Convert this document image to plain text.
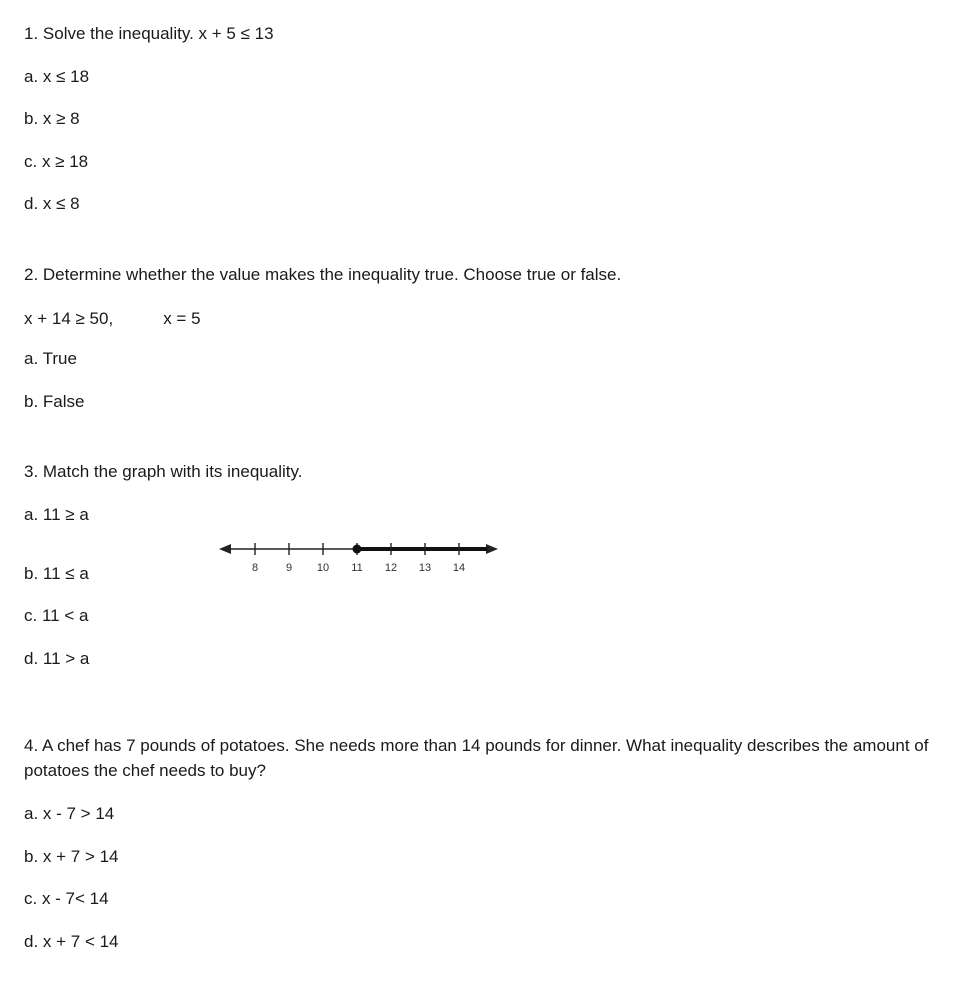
1. Solve the inequality. x + 5 ≤ 13
a. x ≤ 18
b. x ≥ 8
c. x ≥ 18
d. x ≤ 8
2. Determine whether the value makes the inequality true. Choose true or false.
x + 14 ≥ 50,	x = 5
a. True
b. False
3. Match the graph with its inequality.
a. 11 ≥ a
b. 11 ≤ a
c. 11 < a
d. 11 > a
8	9 10 11 12 13 14
4. A chef has 7 pounds of potatoes. She needs more than 14 pounds for dinner. What inequality describes the amount of potatoes the chef needs to buy?
a. x - 7 > 14
b. x + 7 > 14
c. x - 7< 14
d. x + 7 < 14
